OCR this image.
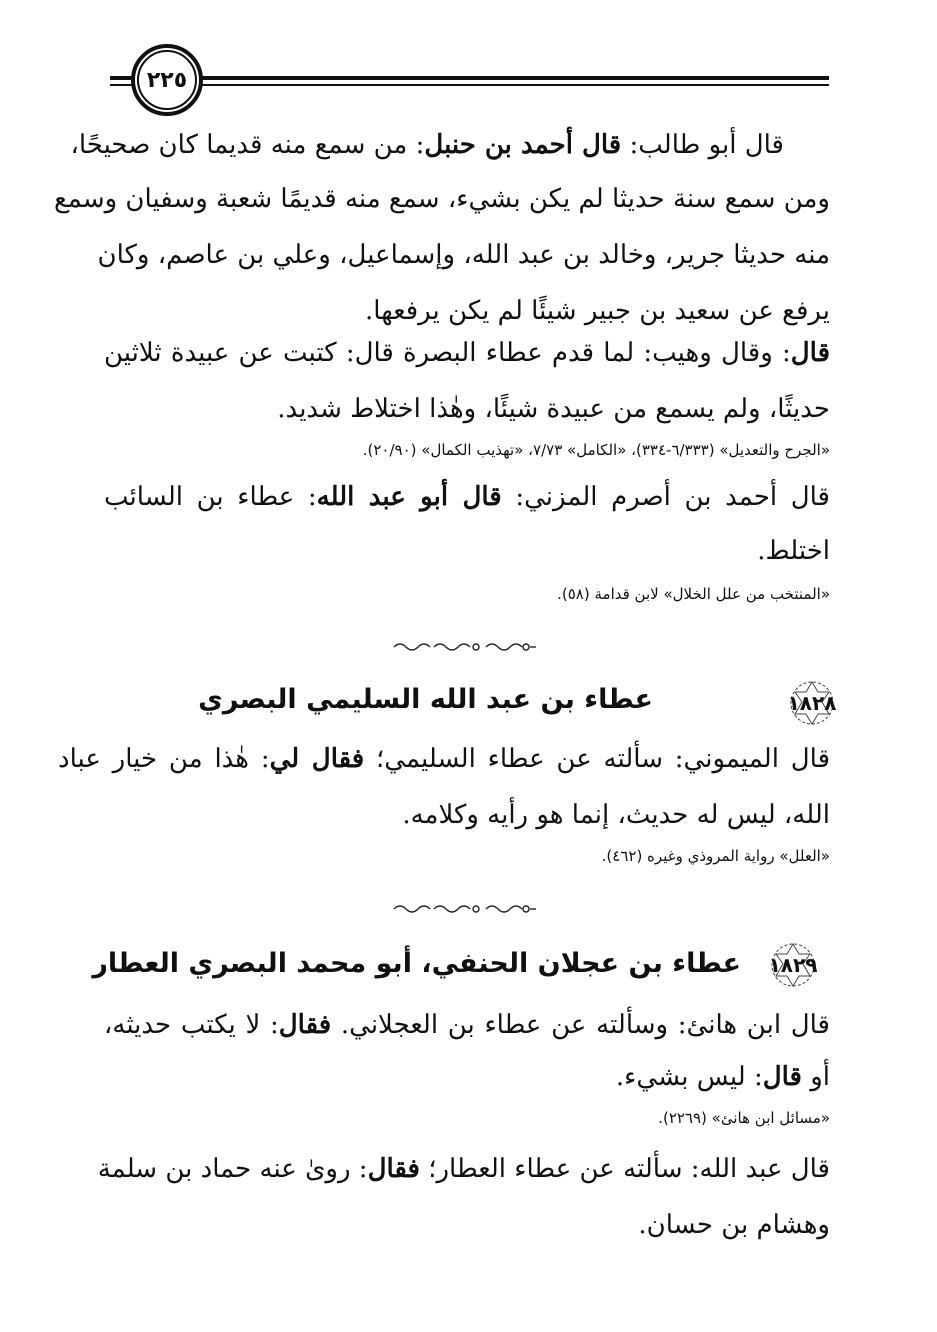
٢٢٥
قال أبو طالب: قال أحمد بن حنبل: من سمع منه قديما كان صحيحًا،
ومن سمع سنة حديثا لم يكن بشيء، سمع منه قديمًا شعبة وسفيان وسمع
منه حديثا جرير، وخالد بن عبد الله، وإسماعيل، وعلي بن عاصم، وكان
يرفع عن سعيد بن جبير شيئًا لم يكن يرفعها.
قال: وقال وهيب: لما قدم عطاء البصرة قال: كتبت عن عبيدة ثلاثين
حديثًا، ولم يسمع من عبيدة شيئًا، وهٰذا اختلاط شديد.
«الجرح والتعديل» (٦/٣٣٣-٣٣٤)، «الكامل» ٧/٧٣، «تهذيب الكمال» (٢٠/٩٠).
قال أحمد بن أصرم المزني: قال أبو عبد الله: عطاء بن السائب
اختلط.
«المنتخب من علل الخلال» لابن قدامة (٥٨).
١٨٢٨
عطاء بن عبد الله السليمي البصري
قال الميموني: سألته عن عطاء السليمي؛ فقال لي: هٰذا من خيار عباد
الله، ليس له حديث، إنما هو رأيه وكلامه.
«العلل» رواية المروذي وغيره (٤٦٢).
١٨٢٩
عطاء بن عجلان الحنفي، أبو محمد البصري العطار
قال ابن هانئ: وسألته عن عطاء بن العجلاني. فقال: لا يكتب حديثه،
أو قال: ليس بشيء.
«مسائل ابن هانئ» (٢٢٦٩).
قال عبد الله: سألته عن عطاء العطار؛ فقال: روىٰ عنه حماد بن سلمة
وهشام بن حسان.
